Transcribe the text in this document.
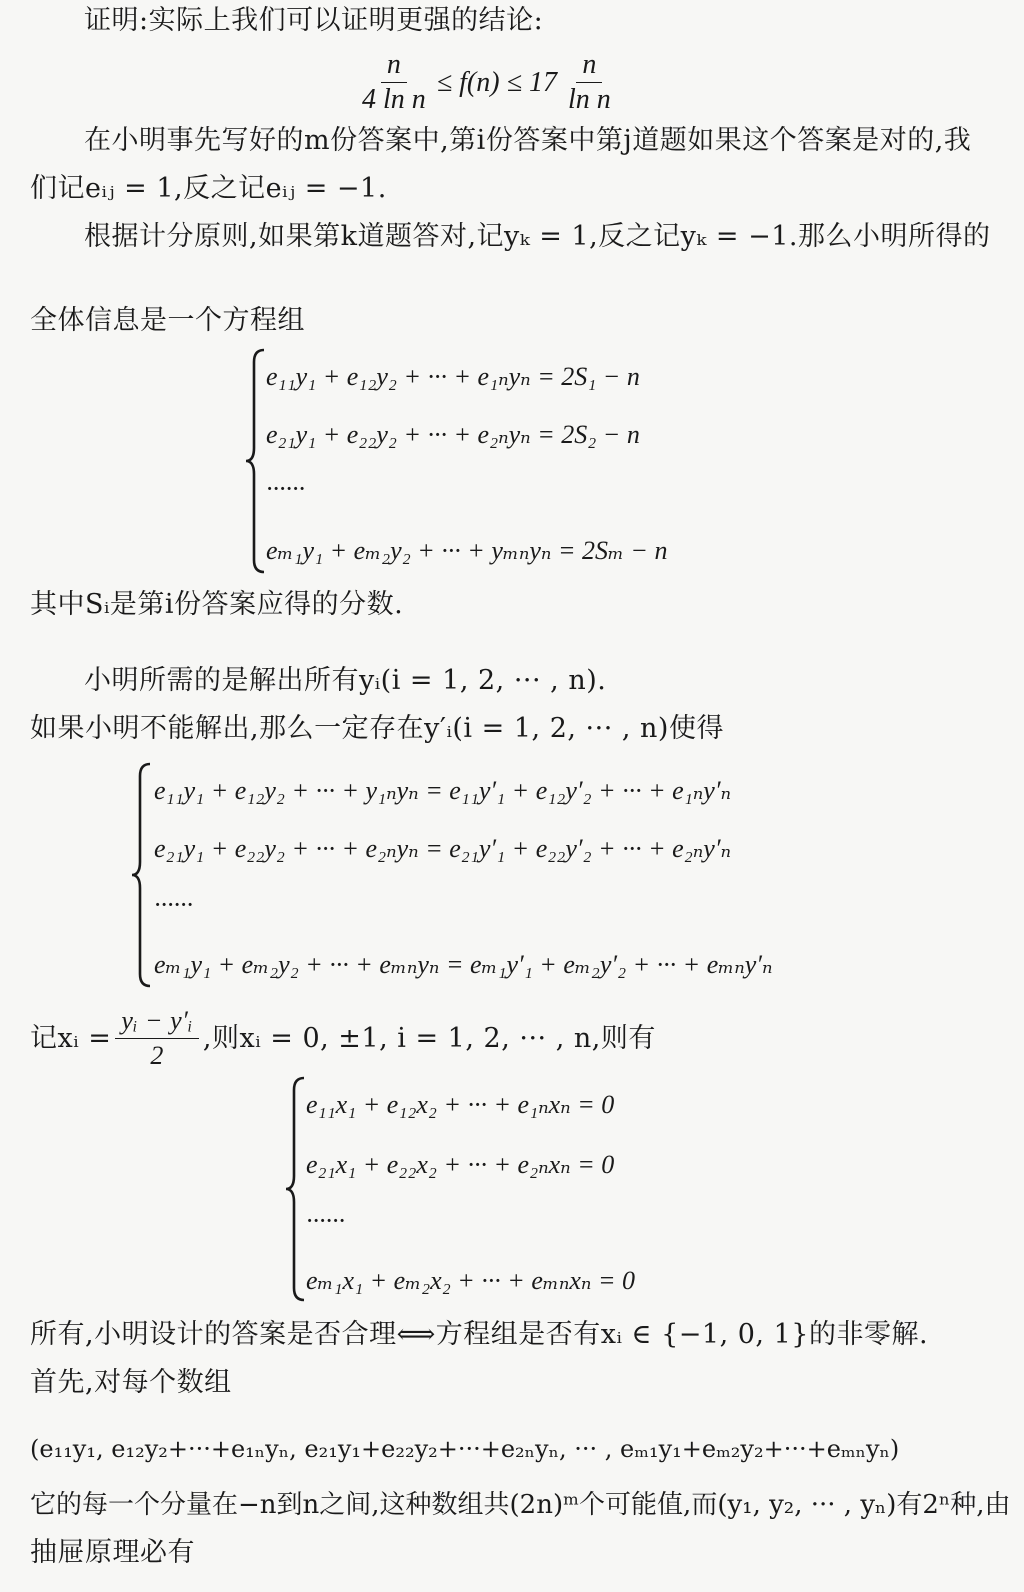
证明:实际上我们可以证明更强的结论:
$\frac{n}{\text{4 ln n}} \le f(n) \le 17 \frac{n}{\text{ln n}}$
在小明事先写好的m份答案中,第i份答案中第j道题如果这个答案是对的,我
们记eᵢⱼ = 1,反之记eᵢⱼ = −1.
根据计分原则,如果第k道题答对,记yₖ = 1,反之记yₖ = −1.那么小明所得的
全体信息是一个方程组
e₁₁y₁ + e₁₂y₂ + ··· + e₁ₙyₙ = 2S₁ − n
e₂₁y₁ + e₂₂y₂ + ··· + e₂ₙyₙ = 2S₂ − n
······
eₘ₁y₁ + eₘ₂y₂ + ··· + yₘₙyₙ = 2Sₘ − n
其中Sᵢ是第i份答案应得的分数.
小明所需的是解出所有yᵢ(i = 1, 2, ··· , n).
如果小明不能解出,那么一定存在y′ᵢ(i = 1, 2, ··· , n)使得
e₁₁y₁ + e₁₂y₂ + ··· + y₁ₙyₙ = e₁₁y′₁ + e₁₂y′₂ + ··· + e₁ₙy′ₙ
e₂₁y₁ + e₂₂y₂ + ··· + e₂ₙyₙ = e₂₁y′₁ + e₂₂y′₂ + ··· + e₂ₙy′ₙ
······
eₘ₁y₁ + eₘ₂y₂ + ··· + eₘₙyₙ = eₘ₁y′₁ + eₘ₂y′₂ + ··· + eₘₙy′ₙ
记xᵢ = $\frac{\text{yᵢ − y′ᵢ}}{2}$ ,则xᵢ = 0, ±1, i = 1, 2, ··· , n,则有
e₁₁x₁ + e₁₂x₂ + ··· + e₁ₙxₙ = 0
e₂₁x₁ + e₂₂x₂ + ··· + e₂ₙxₙ = 0
······
eₘ₁x₁ + eₘ₂x₂ + ··· + eₘₙxₙ = 0
所有,小明设计的答案是否合理⟺方程组是否有xᵢ ∈ {−1, 0, 1}的非零解.
首先,对每个数组
(e₁₁y₁, e₁₂y₂+···+e₁ₙyₙ, e₂₁y₁+e₂₂y₂+···+e₂ₙyₙ, ··· , eₘ₁y₁+eₘ₂y₂+···+eₘₙyₙ)
它的每一个分量在−n到n之间,这种数组共(2n)ᵐ个可能值,而(y₁, y₂, ··· , yₙ)有2ⁿ种,由
抽屉原理必有
